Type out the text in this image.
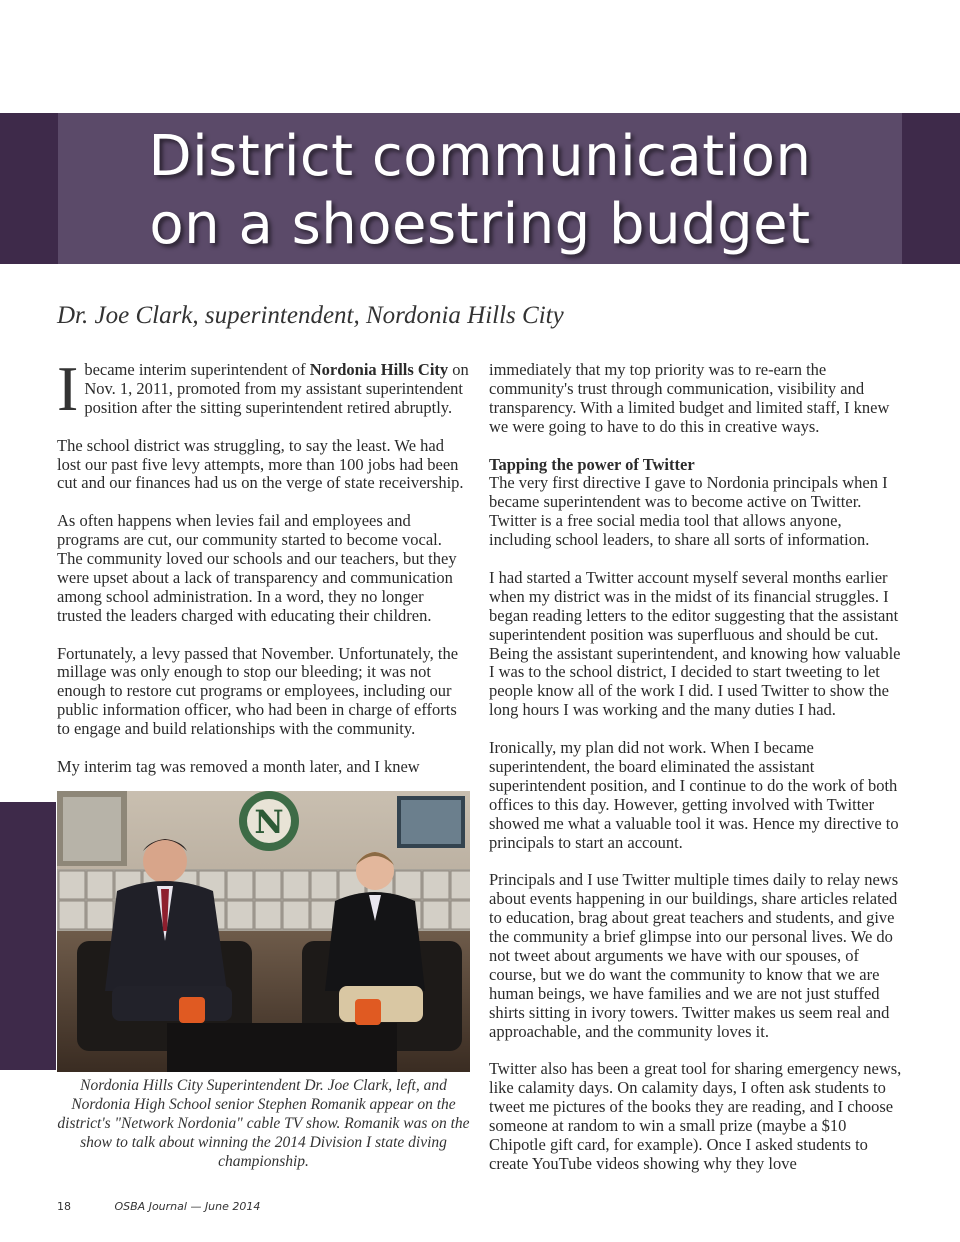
District communication
on a shoestring budget
Dr. Joe Clark, superintendent, Nordonia Hills City

Ibecame interim superintendent of Nordonia Hills City on Nov. 1, 2011, promoted from my assistant superintendent position after the sitting superintendent retired abruptly.

The school district was struggling, to say the least. We had lost our past five levy attempts, more than 100 jobs had been cut and our finances had us on the verge of state receivership.

As often happens when levies fail and employees and programs are cut, our community started to become vocal. The community loved our schools and our teachers, but they were upset about a lack of transparency and communication among school administration. In a word, they no longer trusted the leaders charged with educating their children.

Fortunately, a levy passed that November. Unfortunately, the millage was only enough to stop our bleeding; it was not enough to restore cut programs or employees, including our public information officer, who had been in charge of efforts to engage and build relationships with the community.

My interim tag was removed a month later, and I knew

immediately that my top priority was to re-earn the community's trust through communication, visibility and transparency. With a limited budget and limited staff, I knew we were going to have to do this in creative ways.

Tapping the power of Twitter
The very first directive I gave to Nordonia principals when I became superintendent was to become active on Twitter. Twitter is a free social media tool that allows anyone, including school leaders, to share all sorts of information.

I had started a Twitter account myself several months earlier when my district was in the midst of its financial struggles. I began reading letters to the editor suggesting that the assistant superintendent position was superfluous and should be cut. Being the assistant superintendent, and knowing how valuable I was to the school district, I decided to start tweeting to let people know all of the work I did. I used Twitter to show the long hours I was working and the many duties I had.

Ironically, my plan did not work. When I became superintendent, the board eliminated the assistant superintendent position, and I continue to do the work of both offices to this day. However, getting involved with Twitter showed me what a valuable tool it was. Hence my directive to principals to start an account.

Principals and I use Twitter multiple times daily to relay news about events happening in our buildings, share articles related to education, brag about great teachers and students, and give the community a brief glimpse into our personal lives. We do not tweet about arguments we have with our spouses, of course, but we do want the community to know that we are human beings, we have families and we are not just stuffed shirts sitting in ivory towers. Twitter makes us seem real and approachable, and the community loves it.

Twitter also has been a great tool for sharing emergency news, like calamity days. On calamity days, I often ask students to tweet me pictures of the books they are reading, and I choose someone at random to win a small prize (maybe a $10 Chipotle gift card, for example). Once I asked students to create YouTube videos showing why they love

N
Nordonia Hills City Superintendent Dr. Joe Clark, left, and Nordonia High School senior Stephen Romanik appear on the district's "Network Nordonia" cable TV show. Romanik was on the show to talk about winning the 2014 Division I state diving championship.
18	OSBA Journal — June 2014
